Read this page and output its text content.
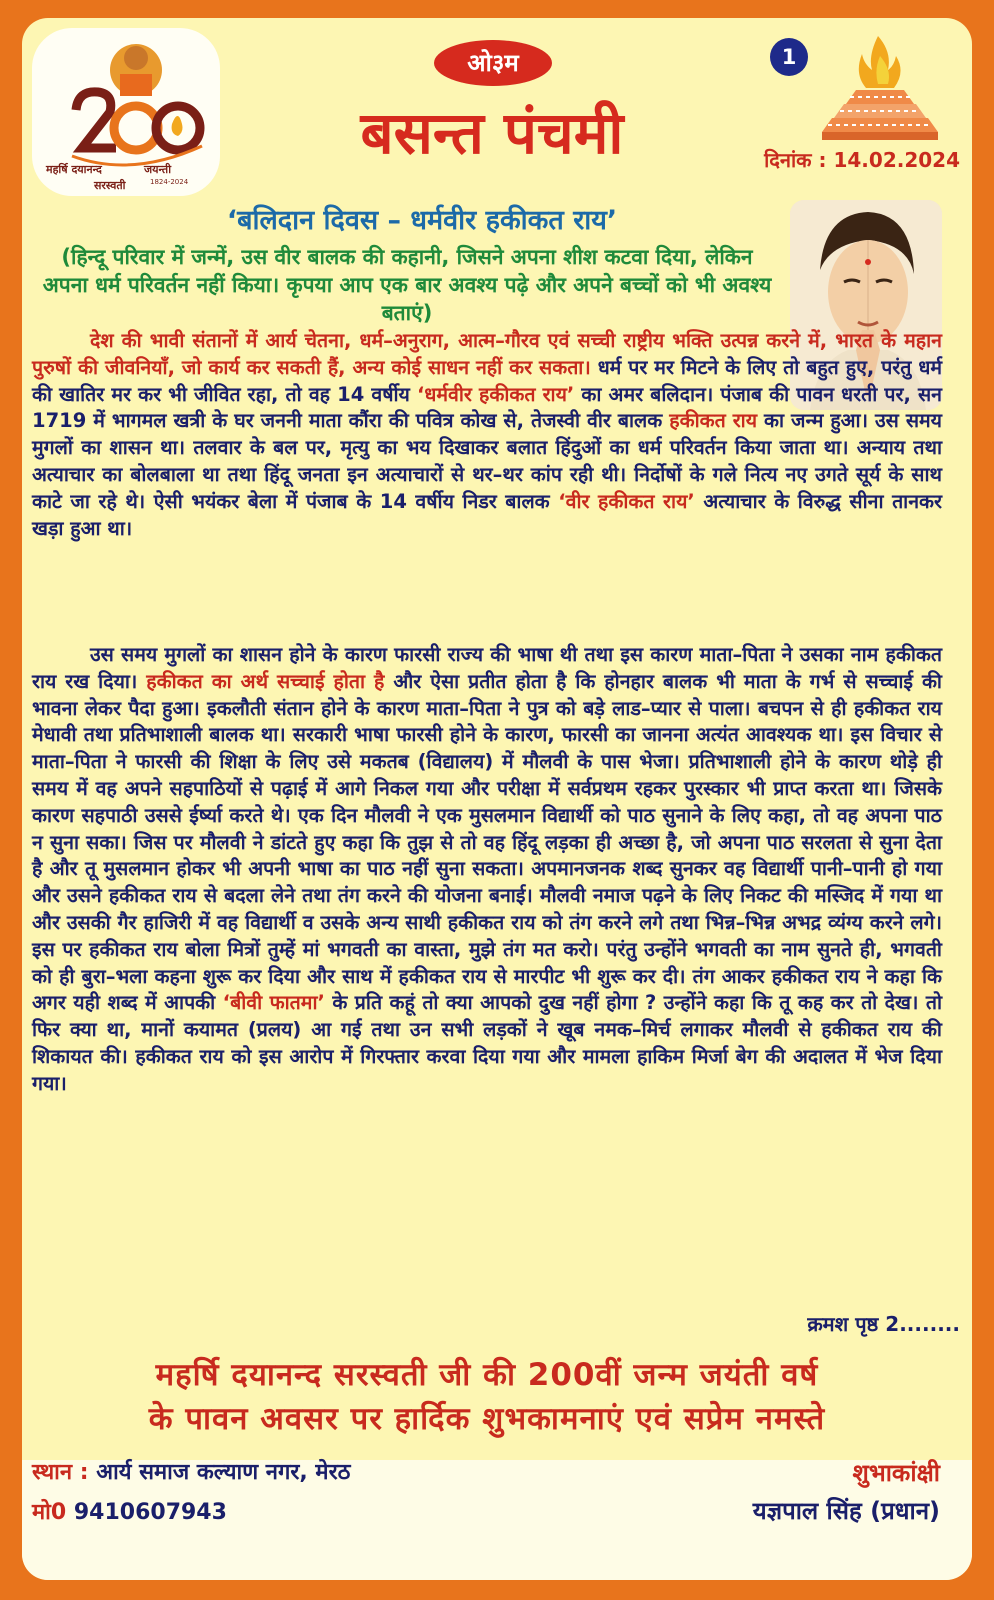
महर्षि दयानन्द	जयन्ती
सरस्वती	1824-2024
ओ३म	1
बसन्त पंचमी	दिनांक : 14.02.2024
‘बलिदान दिवस – धर्मवीर हकीकत राय’
(हिन्दू परिवार में जन्में, उस वीर बालक की कहानी, जिसने अपना शीश कटवा दिया, लेकिन अपना धर्म परिवर्तन नहीं किया। कृपया आप एक बार अवश्य पढ़े और अपने बच्चों को भी अवश्य बताएं)
देश की भावी संतानों में आर्य चेतना, धर्म–अनुराग, आत्म–गौरव एवं सच्ची राष्ट्रीय भक्ति उत्पन्न करने में, भारत के महान पुरुषों की जीवनियाँ, जो कार्य कर सकती हैं, अन्य कोई साधन नहीं कर सकता। धर्म पर मर मिटने के लिए तो बहुत हुए, परंतु धर्म की खातिर मर कर भी जीवित रहा, तो वह 14 वर्षीय ‘धर्मवीर हकीकत राय’ का अमर बलिदान। पंजाब की पावन धरती पर, सन 1719 में भागमल खत्री के घर जननी माता कौंरा की पवित्र कोख से, तेजस्वी वीर बालक हकीकत राय का जन्म हुआ। उस समय मुगलों का शासन था। तलवार के बल पर, मृत्यु का भय दिखाकर बलात हिंदुओं का धर्म परिवर्तन किया जाता था। अन्याय तथा अत्याचार का बोलबाला था तथा हिंदू जनता इन अत्याचारों से थर–थर कांप रही थी। निर्दोषों के गले नित्य नए उगते सूर्य के साथ काटे जा रहे थे। ऐसी भयंकर बेला में पंजाब के 14 वर्षीय निडर बालक ‘वीर हकीकत राय’ अत्याचार के विरुद्ध सीना तानकर खड़ा हुआ था।
उस समय मुगलों का शासन होने के कारण फारसी राज्य की भाषा थी तथा इस कारण माता–पिता ने उसका नाम हकीकत राय रख दिया। हकीकत का अर्थ सच्चाई होता है और ऐसा प्रतीत होता है कि होनहार बालक भी माता के गर्भ से सच्चाई की भावना लेकर पैदा हुआ। इकलौती संतान होने के कारण माता–पिता ने पुत्र को बड़े लाड–प्यार से पाला। बचपन से ही हकीकत राय मेधावी तथा प्रतिभाशाली बालक था। सरकारी भाषा फारसी होने के कारण, फारसी का जानना अत्यंत आवश्यक था। इस विचार से माता–पिता ने फारसी की शिक्षा के लिए उसे मकतब (विद्यालय) में मौलवी के पास भेजा। प्रतिभाशाली होने के कारण थोड़े ही समय में वह अपने सहपाठियों से पढ़ाई में आगे निकल गया और परीक्षा में सर्वप्रथम रहकर पुरस्कार भी प्राप्त करता था। जिसके कारण सहपाठी उससे ईर्ष्या करते थे। एक दिन मौलवी ने एक मुसलमान विद्यार्थी को पाठ सुनाने के लिए कहा, तो वह अपना पाठ न सुना सका। जिस पर मौलवी ने डांटते हुए कहा कि तुझ से तो वह हिंदू लड़का ही अच्छा है, जो अपना पाठ सरलता से सुना देता है और तू मुसलमान होकर भी अपनी भाषा का पाठ नहीं सुना सकता। अपमानजनक शब्द सुनकर वह विद्यार्थी पानी–पानी हो गया और उसने हकीकत राय से बदला लेने तथा तंग करने की योजना बनाई। मौलवी नमाज पढ़ने के लिए निकट की मस्जिद में गया था और उसकी गैर हाजिरी में वह विद्यार्थी व उसके अन्य साथी हकीकत राय को तंग करने लगे तथा भिन्न–भिन्न अभद्र व्यंग्य करने लगे। इस पर हकीकत राय बोला मित्रों तुम्हें मां भगवती का वास्ता, मुझे तंग मत करो। परंतु उन्होंने भगवती का नाम सुनते ही, भगवती को ही बुरा–भला कहना शुरू कर दिया और साथ में हकीकत राय से मारपीट भी शुरू कर दी। तंग आकर हकीकत राय ने कहा कि अगर यही शब्द में आपकी ‘बीवी फातमा’ के प्रति कहूं तो क्या आपको दुख नहीं होगा ? उन्होंने कहा कि तू कह कर तो देख। तो फिर क्या था, मानों कयामत (प्रलय) आ गई तथा उन सभी लड़कों ने खूब नमक–मिर्च लगाकर मौलवी से हकीकत राय की शिकायत की। हकीकत राय को इस आरोप में गिरफ्तार करवा दिया गया और मामला हाकिम मिर्जा बेग की अदालत में भेज दिया गया।
क्रमश पृष्ठ 2........
महर्षि दयानन्द सरस्वती जी की 200वीं जन्म जयंती वर्ष
के पावन अवसर पर हार्दिक शुभकामनाएं एवं सप्रेम नमस्ते
स्थान : आर्य समाज कल्याण नगर, मेरठ
मो0 9410607943
शुभाकांक्षी
यज्ञपाल सिंह (प्रधान)
